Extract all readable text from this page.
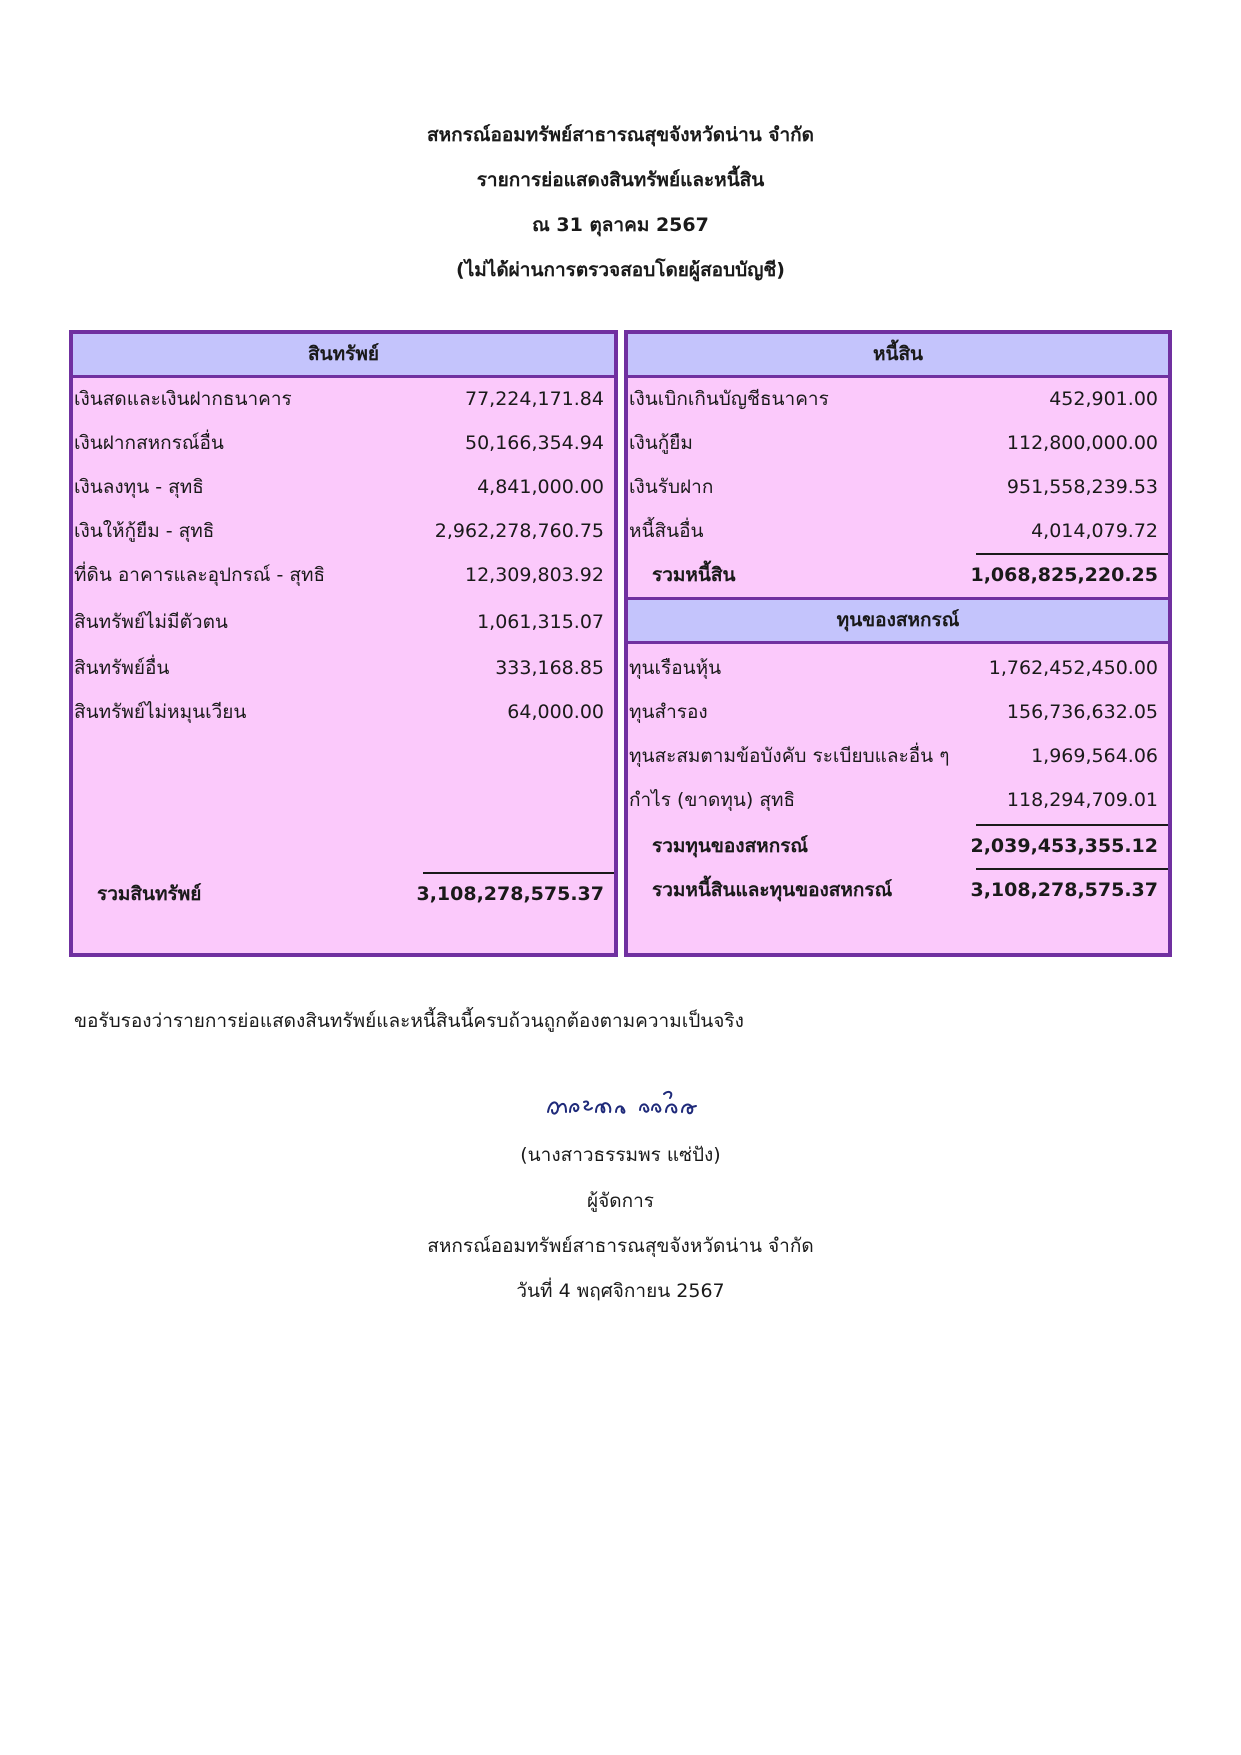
สหกรณ์ออมทรัพย์สาธารณสุขจังหวัดน่าน จำกัด
รายการย่อแสดงสินทรัพย์และหนี้สิน
ณ 31 ตุลาคม 2567
(ไม่ได้ผ่านการตรวจสอบโดยผู้สอบบัญชี)
สินทรัพย์
เงินสดและเงินฝากธนาคาร	77,224,171.84
เงินฝากสหกรณ์อื่น	50,166,354.94
เงินลงทุน - สุทธิ	4,841,000.00
เงินให้กู้ยืม - สุทธิ	2,962,278,760.75
ที่ดิน อาคารและอุปกรณ์ - สุทธิ	12,309,803.92
สินทรัพย์ไม่มีตัวตน	1,061,315.07
สินทรัพย์อื่น	333,168.85
สินทรัพย์ไม่หมุนเวียน	64,000.00
รวมสินทรัพย์	3,108,278,575.37
หนี้สิน
เงินเบิกเกินบัญชีธนาคาร	452,901.00
เงินกู้ยืม	112,800,000.00
เงินรับฝาก	951,558,239.53
หนี้สินอื่น	4,014,079.72
รวมหนี้สิน	1,068,825,220.25
ทุนของสหกรณ์
ทุนเรือนหุ้น	1,762,452,450.00
ทุนสำรอง	156,736,632.05
ทุนสะสมตามข้อบังคับ ระเบียบและอื่น ๆ	1,969,564.06
กำไร (ขาดทุน) สุทธิ	118,294,709.01
รวมทุนของสหกรณ์	2,039,453,355.12
รวมหนี้สินและทุนของสหกรณ์	3,108,278,575.37
ขอรับรองว่ารายการย่อแสดงสินทรัพย์และหนี้สินนี้ครบถ้วนถูกต้องตามความเป็นจริง
(นางสาวธรรมพร แซ่ปัง)
ผู้จัดการ
สหกรณ์ออมทรัพย์สาธารณสุขจังหวัดน่าน จำกัด
วันที่ 4 พฤศจิกายน 2567
